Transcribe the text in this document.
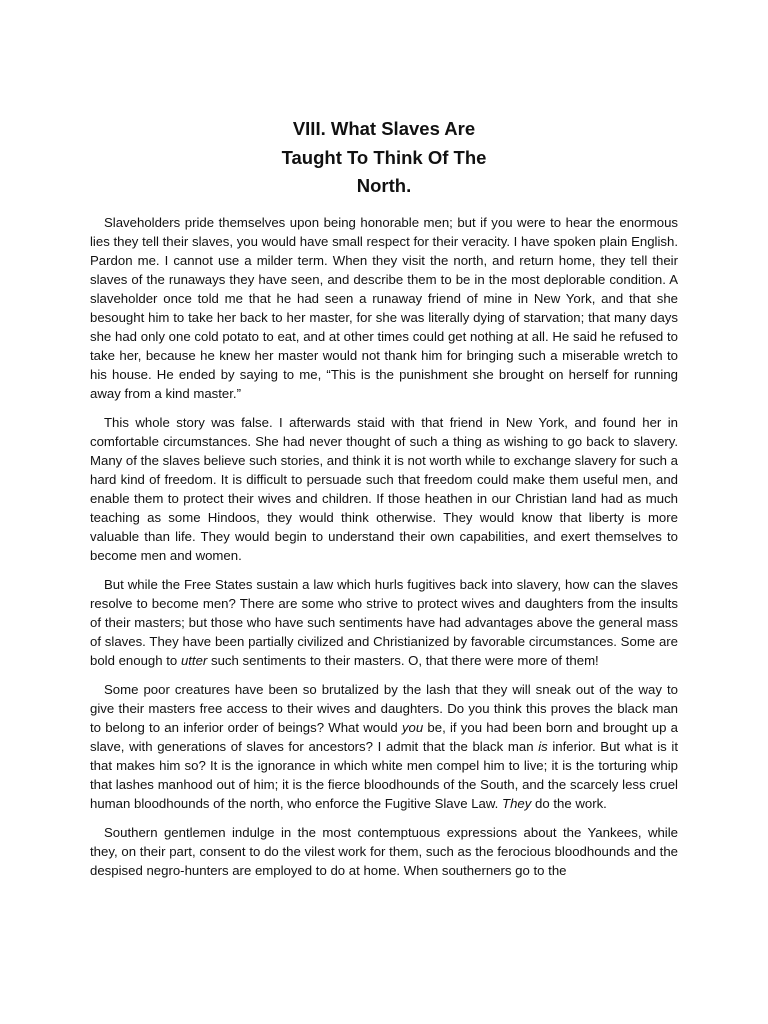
VIII. What Slaves Are
Taught To Think Of The
North.

Slaveholders pride themselves upon being honorable men; but if you were to hear the enormous lies they tell their slaves, you would have small respect for their veracity. I have spoken plain English. Pardon me. I cannot use a milder term. When they visit the north, and return home, they tell their slaves of the runaways they have seen, and describe them to be in the most deplorable condition. A slaveholder once told me that he had seen a runaway friend of mine in New York, and that she besought him to take her back to her master, for she was literally dying of starvation; that many days she had only one cold potato to eat, and at other times could get nothing at all. He said he refused to take her, because he knew her master would not thank him for bringing such a miserable wretch to his house. He ended by saying to me, “This is the punishment she brought on herself for running away from a kind master.”

This whole story was false. I afterwards staid with that friend in New York, and found her in comfortable circumstances. She had never thought of such a thing as wishing to go back to slavery. Many of the slaves believe such stories, and think it is not worth while to exchange slavery for such a hard kind of freedom. It is difficult to persuade such that freedom could make them useful men, and enable them to protect their wives and children. If those heathen in our Christian land had as much teaching as some Hindoos, they would think otherwise. They would know that liberty is more valuable than life. They would begin to understand their own capabilities, and exert themselves to become men and women.

But while the Free States sustain a law which hurls fugitives back into slavery, how can the slaves resolve to become men? There are some who strive to protect wives and daughters from the insults of their masters; but those who have such sentiments have had advantages above the general mass of slaves. They have been partially civilized and Christianized by favorable circumstances. Some are bold enough to utter such sentiments to their masters. O, that there were more of them!

Some poor creatures have been so brutalized by the lash that they will sneak out of the way to give their masters free access to their wives and daughters. Do you think this proves the black man to belong to an inferior order of beings? What would you be, if you had been born and brought up a slave, with generations of slaves for ancestors? I admit that the black man is inferior. But what is it that makes him so? It is the ignorance in which white men compel him to live; it is the torturing whip that lashes manhood out of him; it is the fierce bloodhounds of the South, and the scarcely less cruel human bloodhounds of the north, who enforce the Fugitive Slave Law. They do the work.

Southern gentlemen indulge in the most contemptuous expressions about the Yankees, while they, on their part, consent to do the vilest work for them, such as the ferocious bloodhounds and the despised negro-hunters are employed to do at home. When southerners go to the
